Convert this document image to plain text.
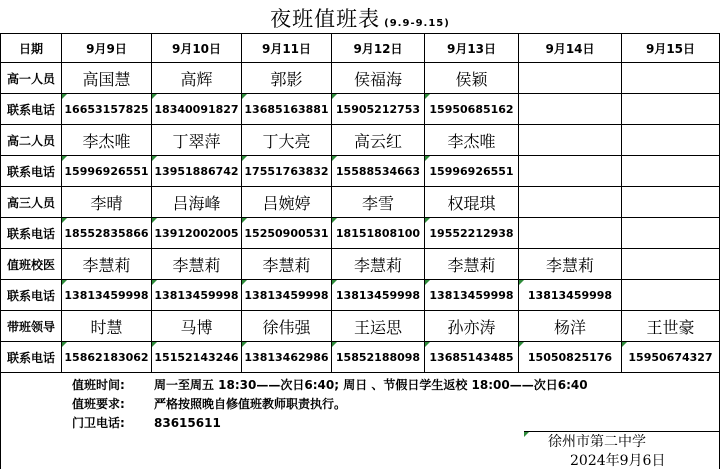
夜班值班表 (9.9-9.15)
日期	9月9日	9月10日	9月11日	9月12日	9月13日	9月14日	9月15日
高一人员	高国慧	高辉	郭影	侯福海	侯颖		
联系电话	16653157825	18340091827	13685163881	15905212753	15950685162		
高二人员	李杰唯	丁翠萍	丁大亮	高云红	李杰唯		
联系电话	15996926551	13951886742	17551763832	15588534663	15996926551		
高三人员	李晴	吕海峰	吕婉婷	李雪	权琨琪		
联系电话	18552835866	13912002005	15250900531	18151808100	19552212938		
值班校医	李慧莉	李慧莉	李慧莉	李慧莉	李慧莉	李慧莉	
联系电话	13813459998	13813459998	13813459998	13813459998	13813459998	13813459998	
带班领导	时慧	马博	徐伟强	王运思	孙亦涛	杨洋	王世豪
联系电话	15862183062	15152143246	13813462986	15852188098	13685143485	15050825176	15950674327
值班时间: 周一至周五 18:30——次日6:40; 周日 、节假日学生返校 18:00——次日6:40
值班要求: 严格按照晚自修值班教师职责执行。
门卫电话: 83615611
徐州市第二中学
2024年9月6日
